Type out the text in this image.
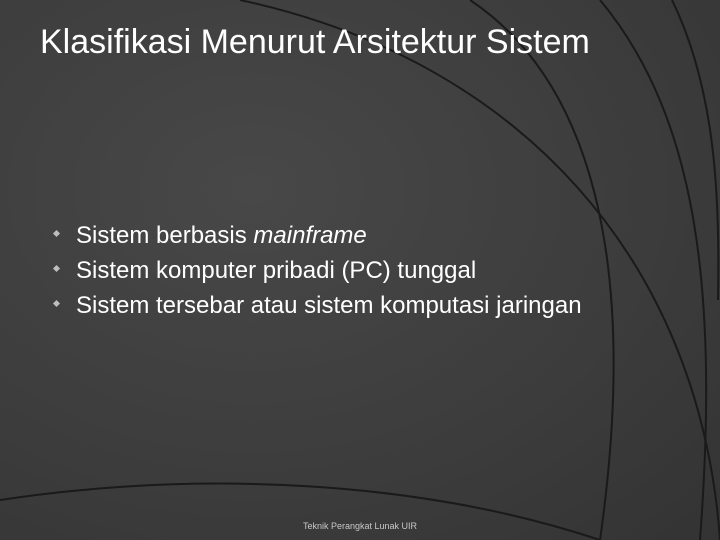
Klasifikasi Menurut Arsitektur Sistem
Sistem berbasis mainframe
Sistem komputer pribadi (PC) tunggal
Sistem tersebar atau sistem komputasi jaringan
Teknik Perangkat Lunak UIR
